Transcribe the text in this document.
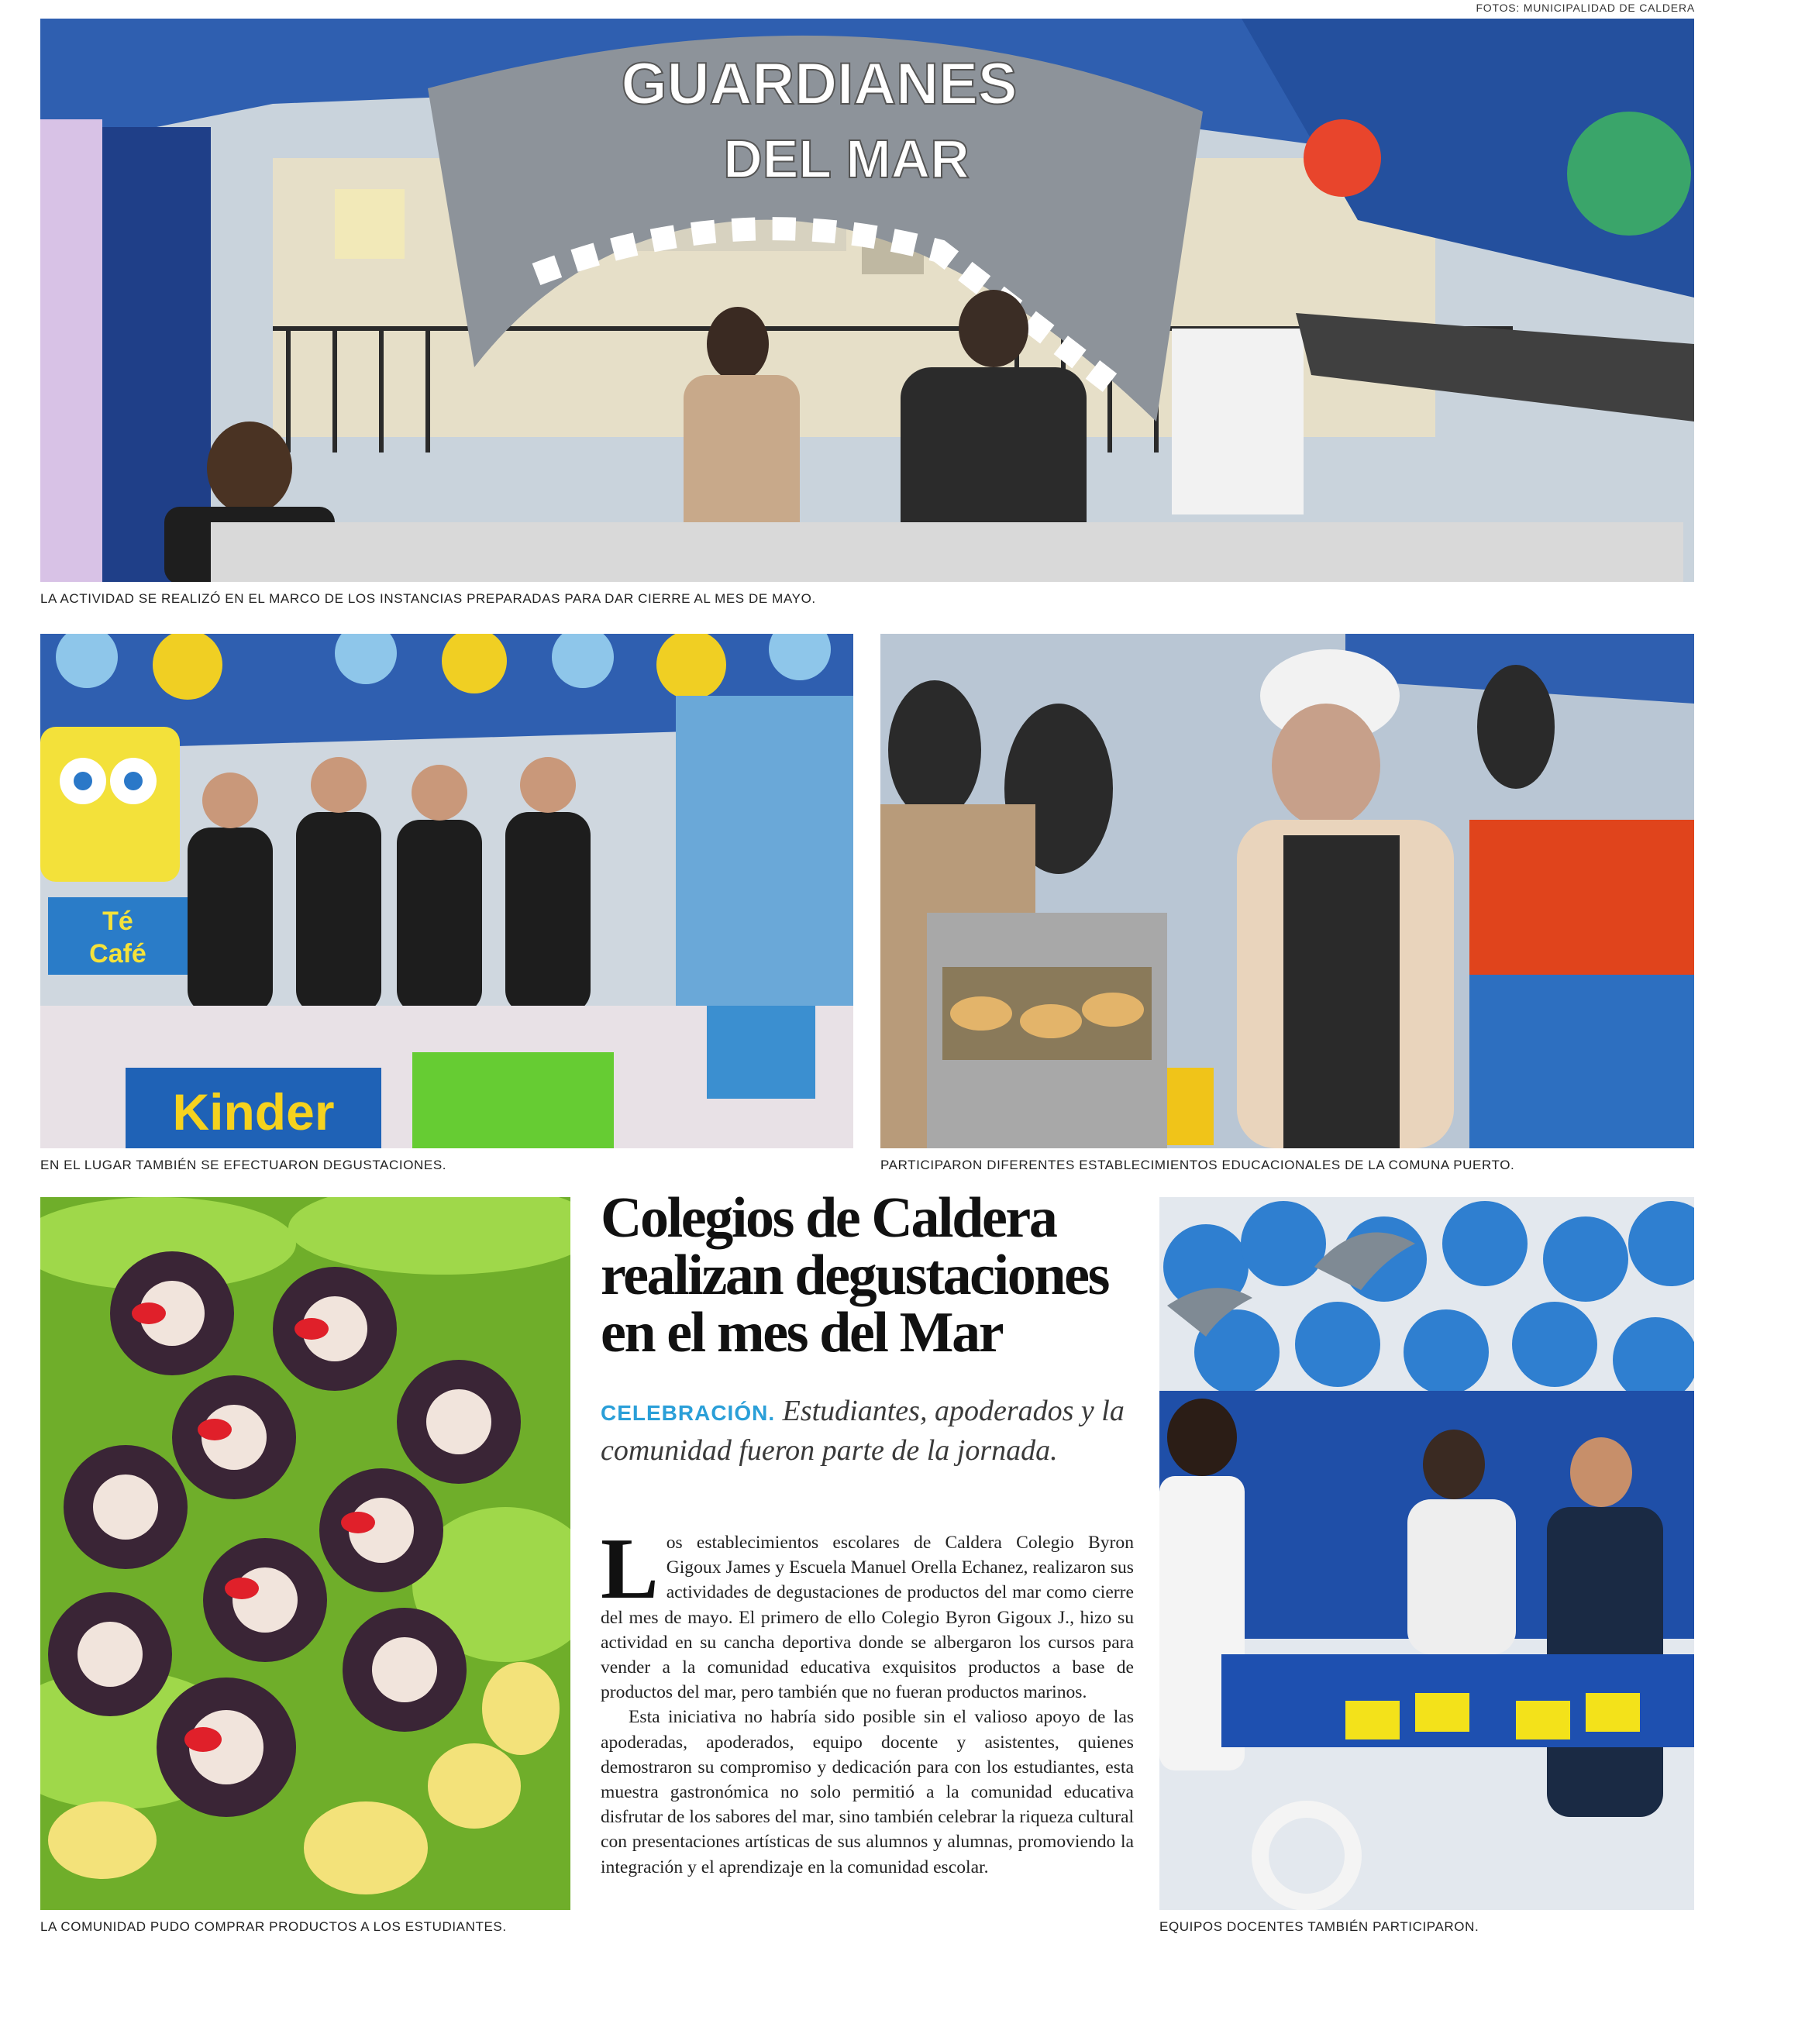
FOTOS: MUNICIPALIDAD DE CALDERA
GUARDIANES
DEL MAR
LA ACTIVIDAD SE REALIZÓ EN EL MARCO DE LOS INSTANCIAS PREPARADAS PARA DAR CIERRE AL MES DE MAYO.
Té
Café
Kinder
EN EL LUGAR TAMBIÉN SE EFECTUARON DEGUSTACIONES.	PARTICIPARON DIFERENTES ESTABLECIMIENTOS EDUCACIONALES DE LA COMUNA PUERTO.
LA COMUNIDAD PUDO COMPRAR PRODUCTOS A LOS ESTUDIANTES.
Colegios de Caldera realizan degustaciones en el mes del Mar
CELEBRACIÓN. Estudiantes, apoderados y la comunidad fueron parte de la jornada.

Los establecimientos escolares de Caldera Colegio Byron Gigoux James y Escuela Manuel Orella Echanez, realizaron sus actividades de degustaciones de productos del mar como cierre del mes de mayo. El primero de ello Colegio Byron Gigoux J., hizo su actividad en su cancha deportiva donde se albergaron los cursos para vender a la comunidad educativa exquisitos productos a base de productos del mar, pero también que no fueran productos marinos.

Esta iniciativa no habría sido posible sin el valioso apoyo de las apoderadas, apoderados, equipo docente y asistentes, quienes demostraron su compromiso y dedicación para con los estudiantes, esta muestra gastronómica no solo permitió a la comunidad educativa disfrutar de los sabores del mar, sino también celebrar la riqueza cultural con presentaciones artísticas de sus alumnos y alumnas, promoviendo la integración y el aprendizaje en la comunidad escolar.

EQUIPOS DOCENTES TAMBIÉN PARTICIPARON.
